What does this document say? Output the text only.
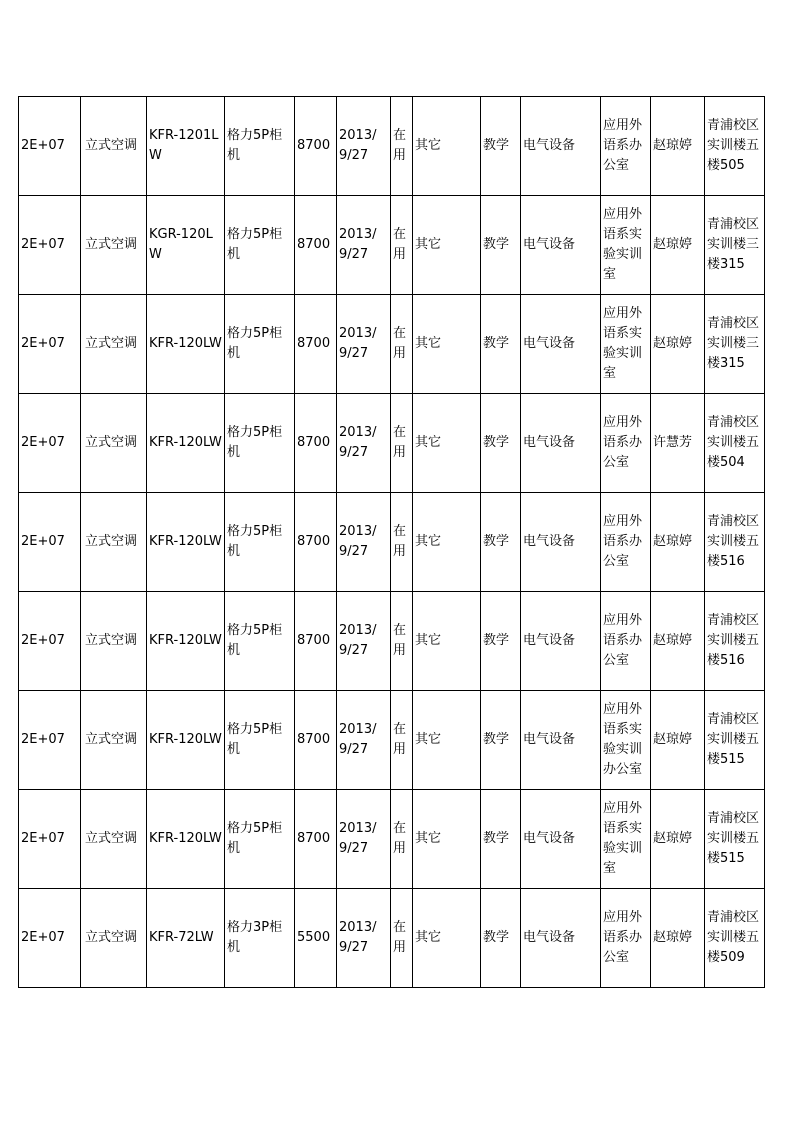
2E+07	立式空调	KFR-1201LW	格力5P柜机	8700	2013/9/27	在用	其它	教学	电气设备	应用外语系办公室	赵琼婷	青浦校区实训楼五楼505
2E+07	立式空调	KGR-120LW	格力5P柜机	8700	2013/9/27	在用	其它	教学	电气设备	应用外语系实验实训室	赵琼婷	青浦校区实训楼三楼315
2E+07	立式空调	KFR-120LW	格力5P柜机	8700	2013/9/27	在用	其它	教学	电气设备	应用外语系实验实训室	赵琼婷	青浦校区实训楼三楼315
2E+07	立式空调	KFR-120LW	格力5P柜机	8700	2013/9/27	在用	其它	教学	电气设备	应用外语系办公室	许慧芳	青浦校区实训楼五楼504
2E+07	立式空调	KFR-120LW	格力5P柜机	8700	2013/9/27	在用	其它	教学	电气设备	应用外语系办公室	赵琼婷	青浦校区实训楼五楼516
2E+07	立式空调	KFR-120LW	格力5P柜机	8700	2013/9/27	在用	其它	教学	电气设备	应用外语系办公室	赵琼婷	青浦校区实训楼五楼516
2E+07	立式空调	KFR-120LW	格力5P柜机	8700	2013/9/27	在用	其它	教学	电气设备	应用外语系实验实训办公室	赵琼婷	青浦校区实训楼五楼515
2E+07	立式空调	KFR-120LW	格力5P柜机	8700	2013/9/27	在用	其它	教学	电气设备	应用外语系实验实训室	赵琼婷	青浦校区实训楼五楼515
2E+07	立式空调	KFR-72LW	格力3P柜机	5500	2013/9/27	在用	其它	教学	电气设备	应用外语系办公室	赵琼婷	青浦校区实训楼五楼509
